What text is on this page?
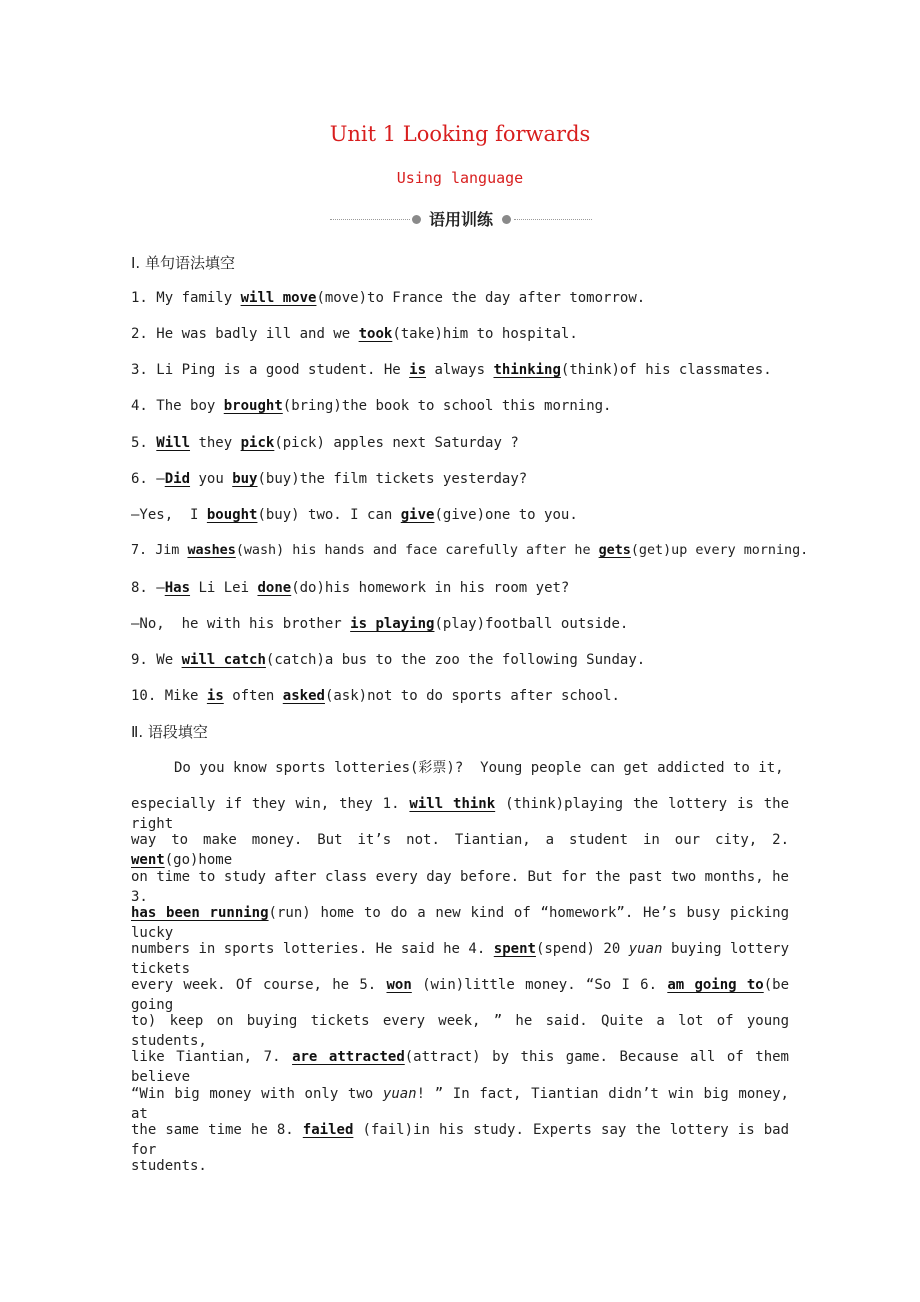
Unit 1 Looking forwards
Using language
语用训练
Ⅰ. 单句语法填空
1. My family will move(move)to France the day after tomorrow.
2. He was badly ill and we took(take)him to hospital.
3. Li Ping is a good student. He is always thinking(think)of his classmates.
4. The boy brought(bring)the book to school this morning.
5. Will they pick(pick) apples next Saturday ?
6. —Did you buy(buy)the film tickets yesterday?
—Yes,  I bought(buy) two. I can give(give)one to you.
7. Jim washes(wash) his hands and face carefully after he gets(get)up every morning.
8. —Has Li Lei done(do)his homework in his room yet?
—No,  he with his brother is playing(play)football outside.
9. We will catch(catch)a bus to the zoo the following Sunday.
10. Mike is often asked(ask)not to do sports after school.
Ⅱ. 语段填空
Do you know sports lotteries(彩票)?  Young people can get addicted to it,
especially if they win, they 1. will think (think)playing the lottery is the right
way to make money. But it’s not. Tiantian, a student in our city, 2. went(go)home
on time to study after class every day before. But for the past two months, he 3.
has been running(run) home to do a new kind of “homework”. He’s busy picking lucky
numbers in sports lotteries. He said he 4. spent(spend) 20 yuan buying lottery tickets
every week. Of course, he 5. won (win)little money. “So I 6. am going to(be going
to) keep on buying tickets every week, ” he said. Quite a lot of young students,
like Tiantian, 7. are attracted(attract) by this game. Because all of them believe
“Win big money with only two yuan! ” In fact, Tiantian didn’t win big money, at
the same time he 8. failed (fail)in his study. Experts say the lottery is bad for
students.
